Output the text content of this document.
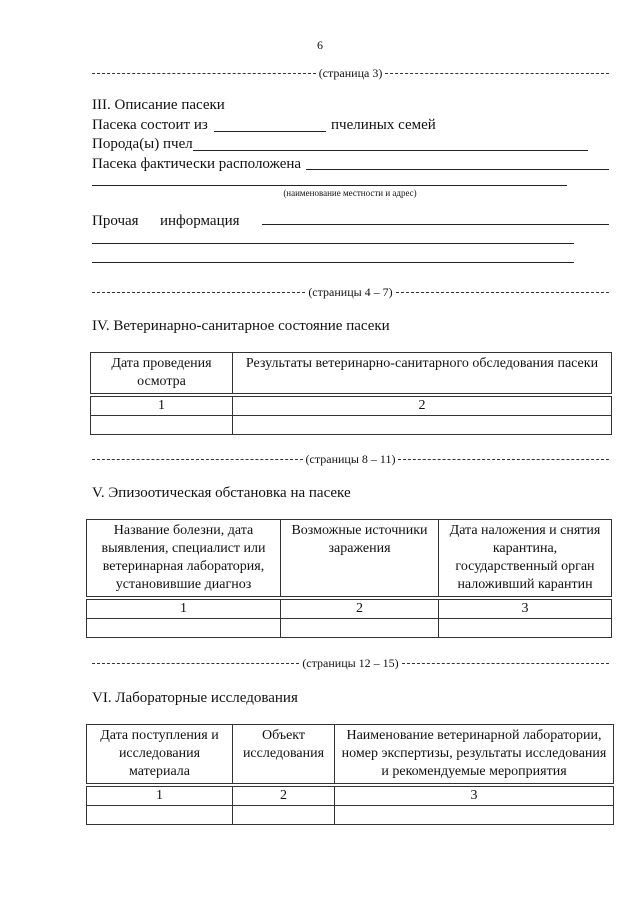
6
(страница 3)
III. Описание пасеки
Пасека состоит из	пчелиных семей
Порода(ы) пчел
Пасека фактически расположена
(наименование местности и адрес)
Прочая информация
(страницы 4 – 7)
IV. Ветеринарно-санитарное состояние пасеки
Дата проведения осмотра	Результаты ветеринарно-санитарного обследования пасеки

1	2

(страницы 8 – 11)
V. Эпизоотическая обстановка на пасеке
Название болезни, дата выявления, специалист или ветеринарная лаборатория, установившие диагноз	Возможные источники заражения	Дата наложения и снятия карантина, государственный орган наложивший карантин

1	2	3

(страницы 12 – 15)
VI. Лабораторные исследования
Дата поступления и исследования материала	Объект исследования	Наименование ветеринарной лаборатории, номер экспертизы, результаты исследования и рекомендуемые мероприятия

1	2	3
